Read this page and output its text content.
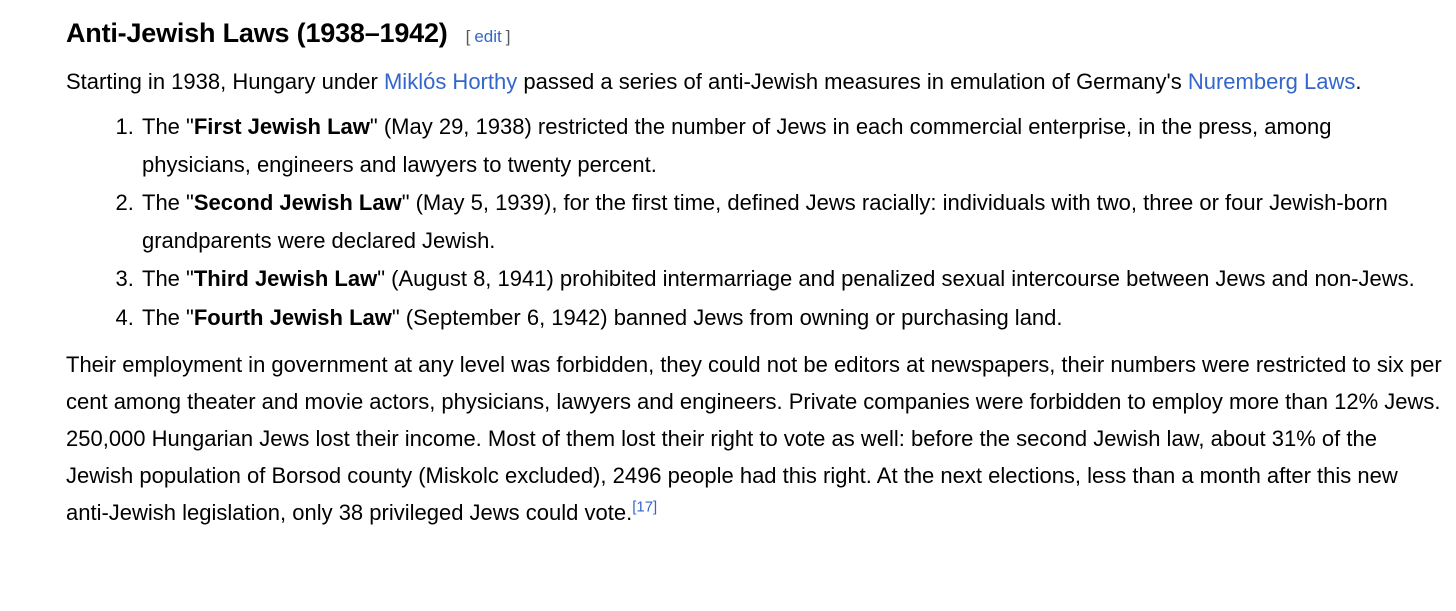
Anti-Jewish Laws (1938–1942) [ edit ]

Starting in 1938, Hungary under Miklós Horthy passed a series of anti-Jewish measures in emulation of Germany's Nuremberg Laws.

1. The "First Jewish Law" (May 29, 1938) restricted the number of Jews in each commercial enterprise, in the press, among physicians, engineers and lawyers to twenty percent.
2. The "Second Jewish Law" (May 5, 1939), for the first time, defined Jews racially: individuals with two, three or four Jewish-born grandparents were declared Jewish.
3. The "Third Jewish Law" (August 8, 1941) prohibited intermarriage and penalized sexual intercourse between Jews and non-Jews.
4. The "Fourth Jewish Law" (September 6, 1942) banned Jews from owning or purchasing land.

Their employment in government at any level was forbidden, they could not be editors at newspapers, their numbers were restricted to six per cent among theater and movie actors, physicians, lawyers and engineers. Private companies were forbidden to employ more than 12% Jews. 250,000 Hungarian Jews lost their income. Most of them lost their right to vote as well: before the second Jewish law, about 31% of the Jewish population of Borsod county (Miskolc excluded), 2496 people had this right. At the next elections, less than a month after this new anti-Jewish legislation, only 38 privileged Jews could vote.[17]
